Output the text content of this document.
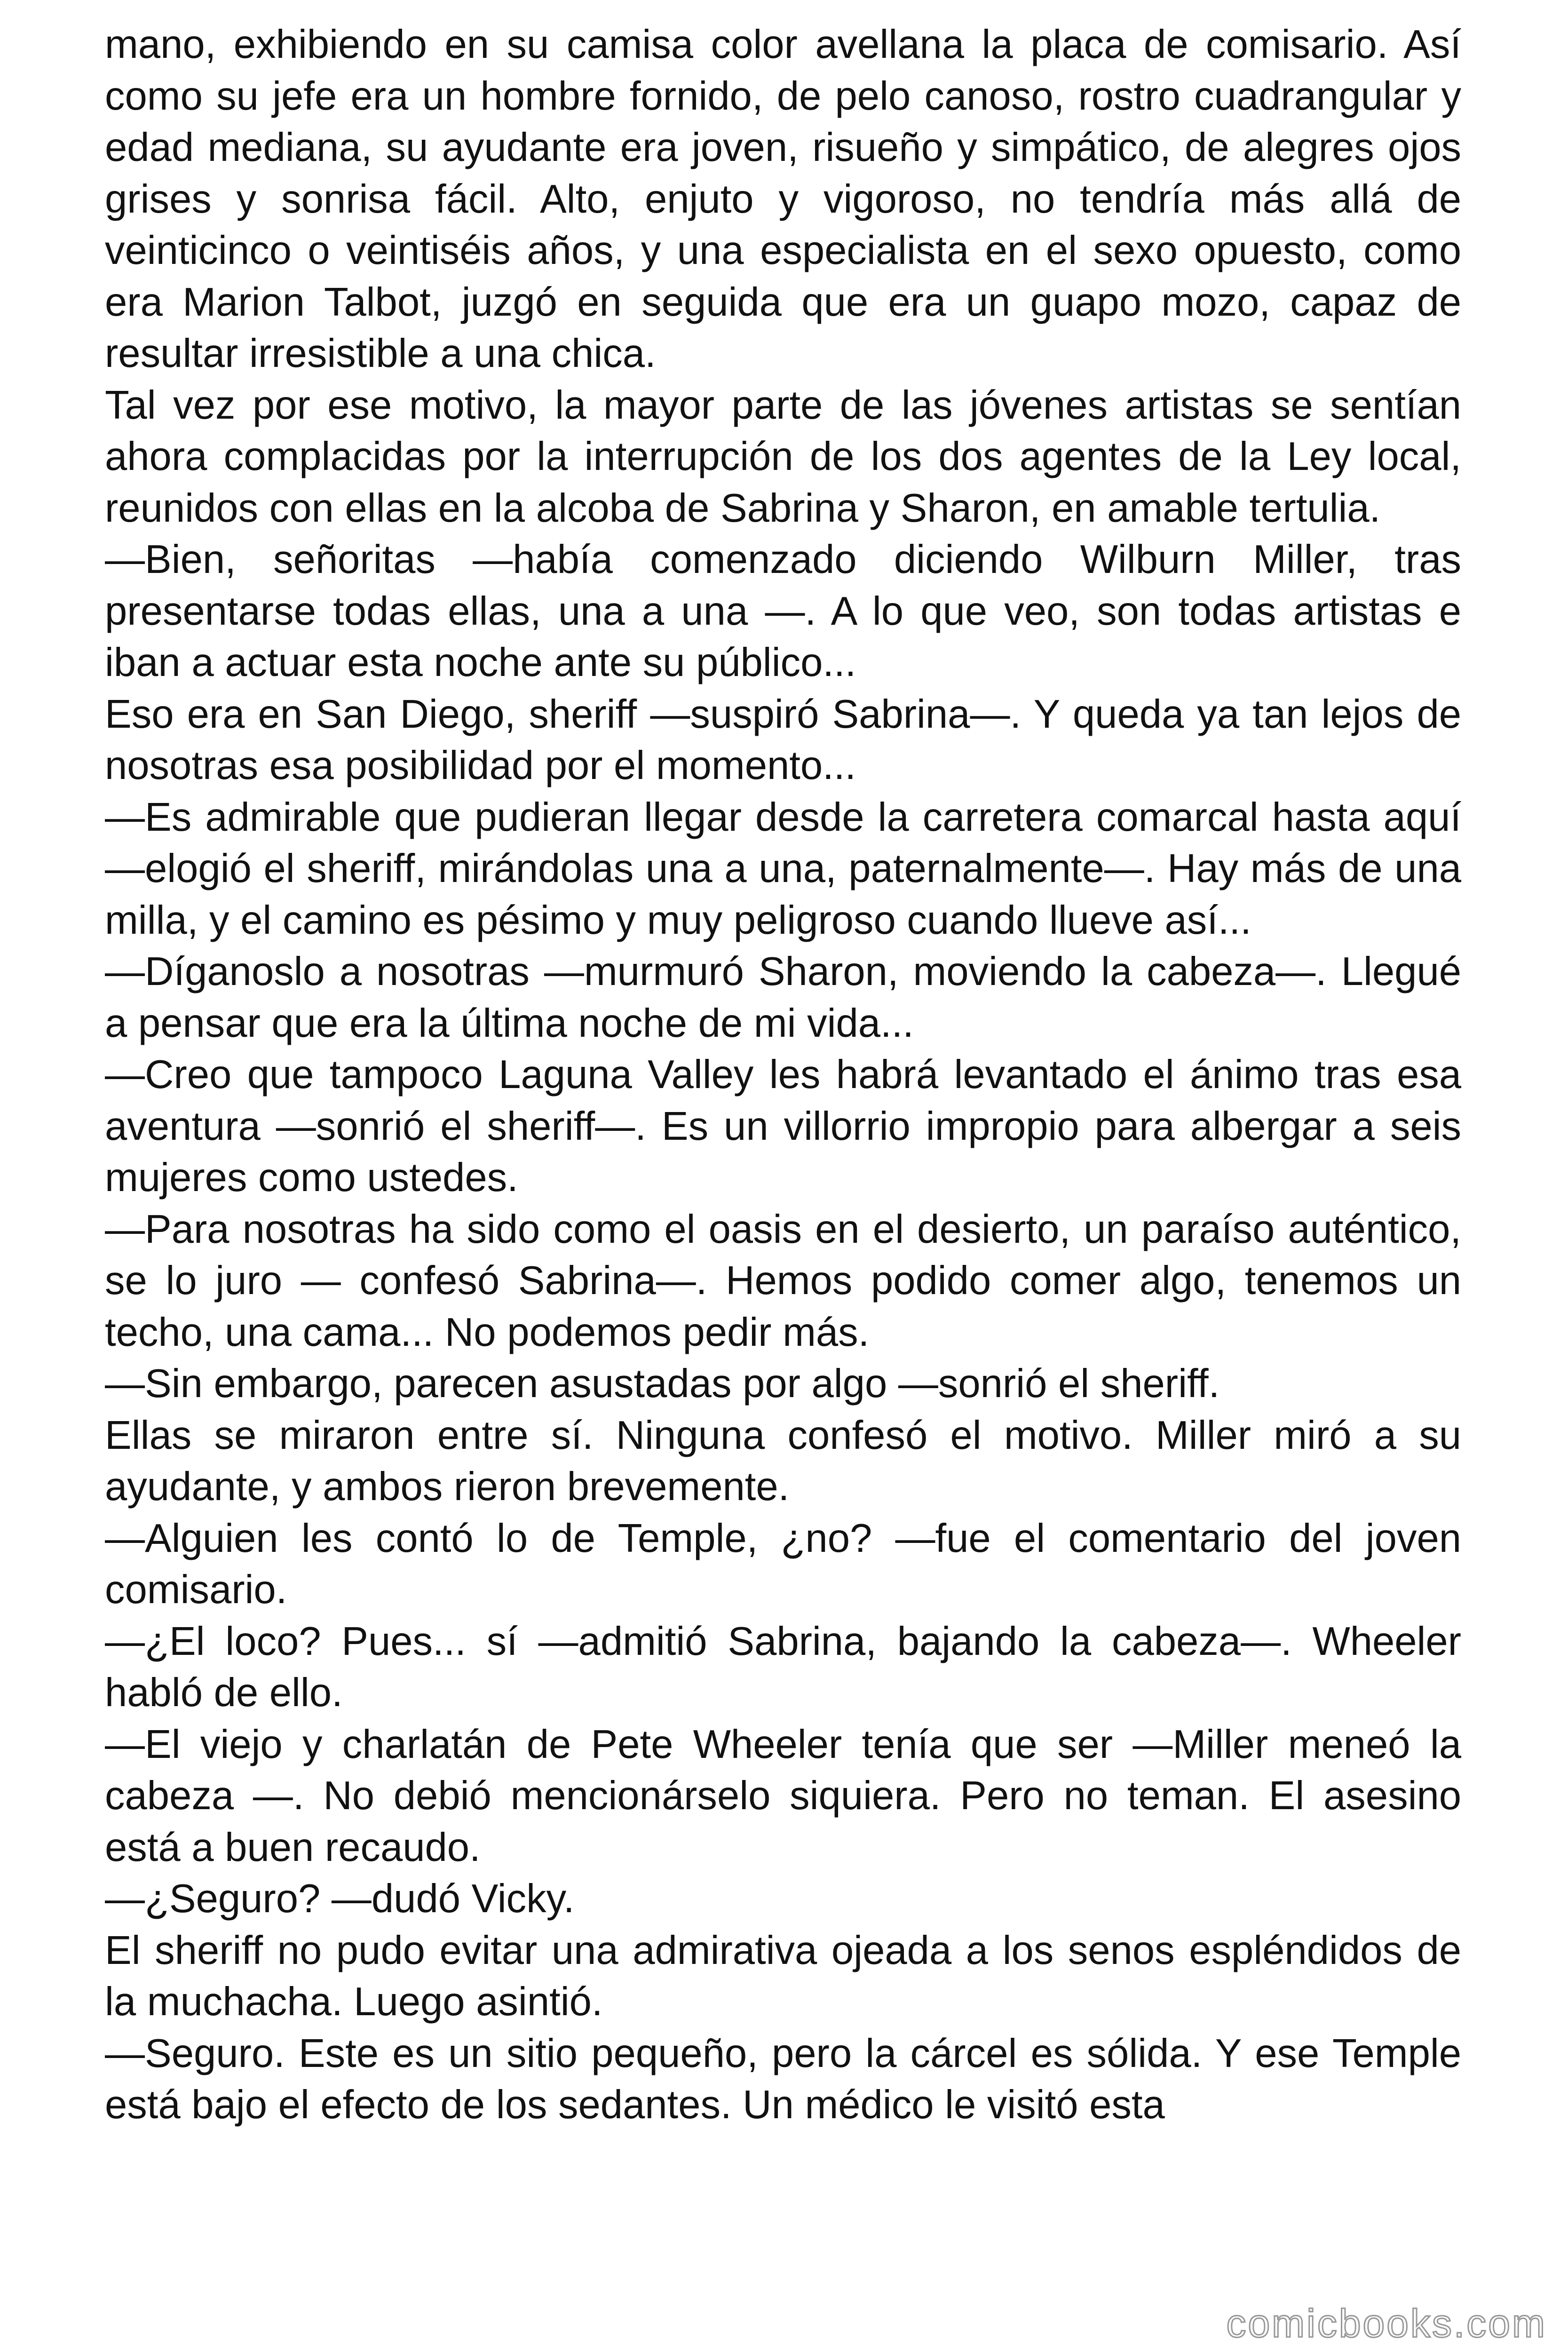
mano, exhibiendo en su camisa color avellana la placa de comisario. Así como su jefe era un hombre fornido, de pelo canoso, rostro cuadrangular y edad mediana, su ayudante era joven, risueño y simpático, de alegres ojos grises y sonrisa fácil. Alto, enjuto y vigoroso, no tendría más allá de veinticinco o veintiséis años, y una especialista en el sexo opuesto, como era Marion Talbot, juzgó en seguida que era un guapo mozo, capaz de resultar irresistible a una chica.

Tal vez por ese motivo, la mayor parte de las jóvenes artistas se sentían ahora complacidas por la interrupción de los dos agentes de la Ley local, reunidos con ellas en la alcoba de Sabrina y Sharon, en amable tertulia.

—Bien, señoritas —había comenzado diciendo Wilburn Miller, tras presentarse todas ellas, una a una —. A lo que veo, son todas artistas e iban a actuar esta noche ante su público...

Eso era en San Diego, sheriff —suspiró Sabrina—. Y queda ya tan lejos de nosotras esa posibilidad por el momento...

—Es admirable que pudieran llegar desde la carretera comarcal hasta aquí —elogió el sheriff, mirándolas una a una, paternalmente—. Hay más de una milla, y el camino es pésimo y muy peligroso cuando llueve así...

—Díganoslo a nosotras —murmuró Sharon, moviendo la cabeza—. Llegué a pensar que era la última noche de mi vida...

—Creo que tampoco Laguna Valley les habrá levantado el ánimo tras esa aventura —sonrió el sheriff—. Es un villorrio impropio para albergar a seis mujeres como ustedes.

—Para nosotras ha sido como el oasis en el desierto, un paraíso auténtico, se lo juro — confesó Sabrina—. Hemos podido comer algo, tenemos un techo, una cama... No podemos pedir más.

—Sin embargo, parecen asustadas por algo —sonrió el sheriff.

Ellas se miraron entre sí. Ninguna confesó el motivo. Miller miró a su ayudante, y ambos rieron brevemente.

—Alguien les contó lo de Temple, ¿no? —fue el comentario del joven comisario.

—¿El loco? Pues... sí —admitió Sabrina, bajando la cabeza—. Wheeler habló de ello.

—El viejo y charlatán de Pete Wheeler tenía que ser —Miller meneó la cabeza —. No debió mencionárselo siquiera. Pero no teman. El asesino está a buen recaudo.

—¿Seguro? —dudó Vicky.

El sheriff no pudo evitar una admirativa ojeada a los senos espléndidos de la muchacha. Luego asintió.

—Seguro. Este es un sitio pequeño, pero la cárcel es sólida. Y ese Temple está bajo el efecto de los sedantes. Un médico le visitó esta

comicbooks.com
